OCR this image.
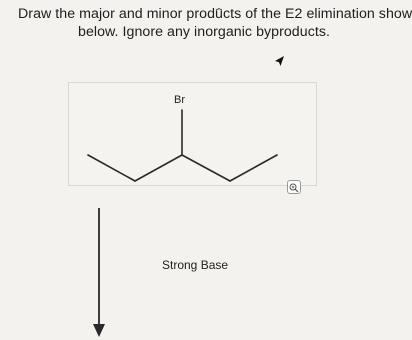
Draw the major and minor products of the E2 elimination show
below. Ignore any inorganic byproducts.
Br
Strong Base
